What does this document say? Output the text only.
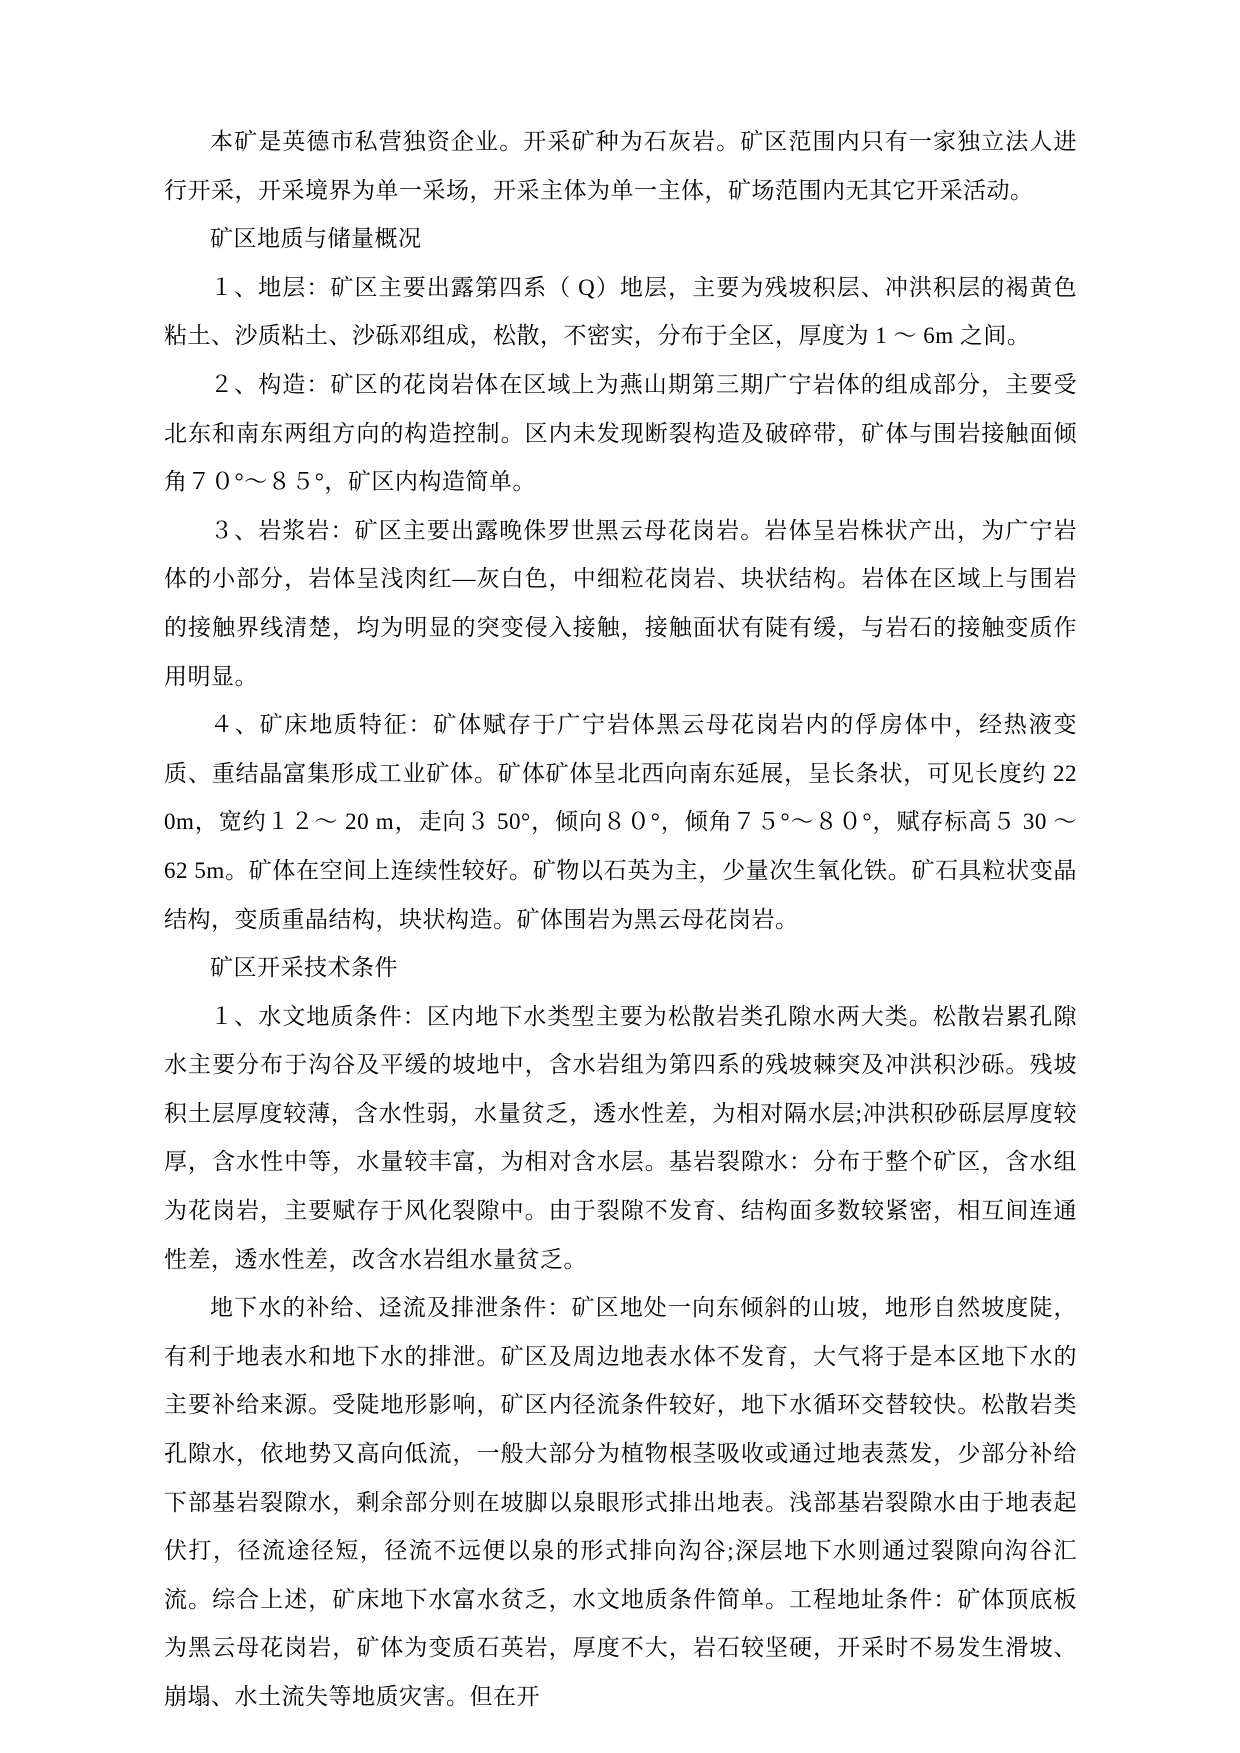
本矿是英德市私营独资企业。开采矿种为石灰岩。矿区范围内只有一家独立法人进行开采，开采境界为单一采场，开采主体为单一主体，矿场范围内无其它开采活动。

矿区地质与储量概况

１、地层：矿区主要出露第四系（ Q）地层，主要为残坡积层、冲洪积层的褐黄色粘土、沙质粘土、沙砾邓组成，松散，不密实，分布于全区，厚度为 1 ～ 6m 之间。

２、构造：矿区的花岗岩体在区域上为燕山期第三期广宁岩体的组成部分，主要受北东和南东两组方向的构造控制。区内未发现断裂构造及破碎带，矿体与围岩接触面倾角７０°～８５°，矿区内构造简单。

３、岩浆岩：矿区主要出露晚侏罗世黑云母花岗岩。岩体呈岩株状产出，为广宁岩体的小部分，岩体呈浅肉红—灰白色，中细粒花岗岩、块状结构。岩体在区域上与围岩的接触界线清楚，均为明显的突变侵入接触，接触面状有陡有缓，与岩石的接触变质作用明显。

４、矿床地质特征：矿体赋存于广宁岩体黑云母花岗岩内的俘房体中，经热液变质、重结晶富集形成工业矿体。矿体矿体呈北西向南东延展，呈长条状，可见长度约 22 0m，宽约１２～ 20 m，走向３ 50°，倾向８０°，倾角７５°～８０°，赋存标高５ 30 ～ 62 5m。矿体在空间上连续性较好。矿物以石英为主，少量次生氧化铁。矿石具粒状变晶结构，变质重晶结构，块状构造。矿体围岩为黑云母花岗岩。

矿区开采技术条件

１、水文地质条件：区内地下水类型主要为松散岩类孔隙水两大类。松散岩累孔隙水主要分布于沟谷及平缓的坡地中，含水岩组为第四系的残坡棘突及冲洪积沙砾。残坡积土层厚度较薄，含水性弱，水量贫乏，透水性差，为相对隔水层;冲洪积砂砾层厚度较厚，含水性中等，水量较丰富，为相对含水层。基岩裂隙水：分布于整个矿区，含水组为花岗岩，主要赋存于风化裂隙中。由于裂隙不发育、结构面多数较紧密，相互间连通性差，透水性差，改含水岩组水量贫乏。

地下水的补给、迳流及排泄条件：矿区地处一向东倾斜的山坡，地形自然坡度陡，有利于地表水和地下水的排泄。矿区及周边地表水体不发育，大气将于是本区地下水的主要补给来源。受陡地形影响，矿区内径流条件较好，地下水循环交替较快。松散岩类孔隙水，依地势又高向低流，一般大部分为植物根茎吸收或通过地表蒸发，少部分补给下部基岩裂隙水，剩余部分则在坡脚以泉眼形式排出地表。浅部基岩裂隙水由于地表起伏打，径流途径短，径流不远便以泉的形式排向沟谷;深层地下水则通过裂隙向沟谷汇流。综合上述，矿床地下水富水贫乏，水文地质条件简单。工程地址条件：矿体顶底板为黑云母花岗岩，矿体为变质石英岩，厚度不大，岩石较坚硬，开采时不易发生滑坡、崩塌、水土流失等地质灾害。但在开
